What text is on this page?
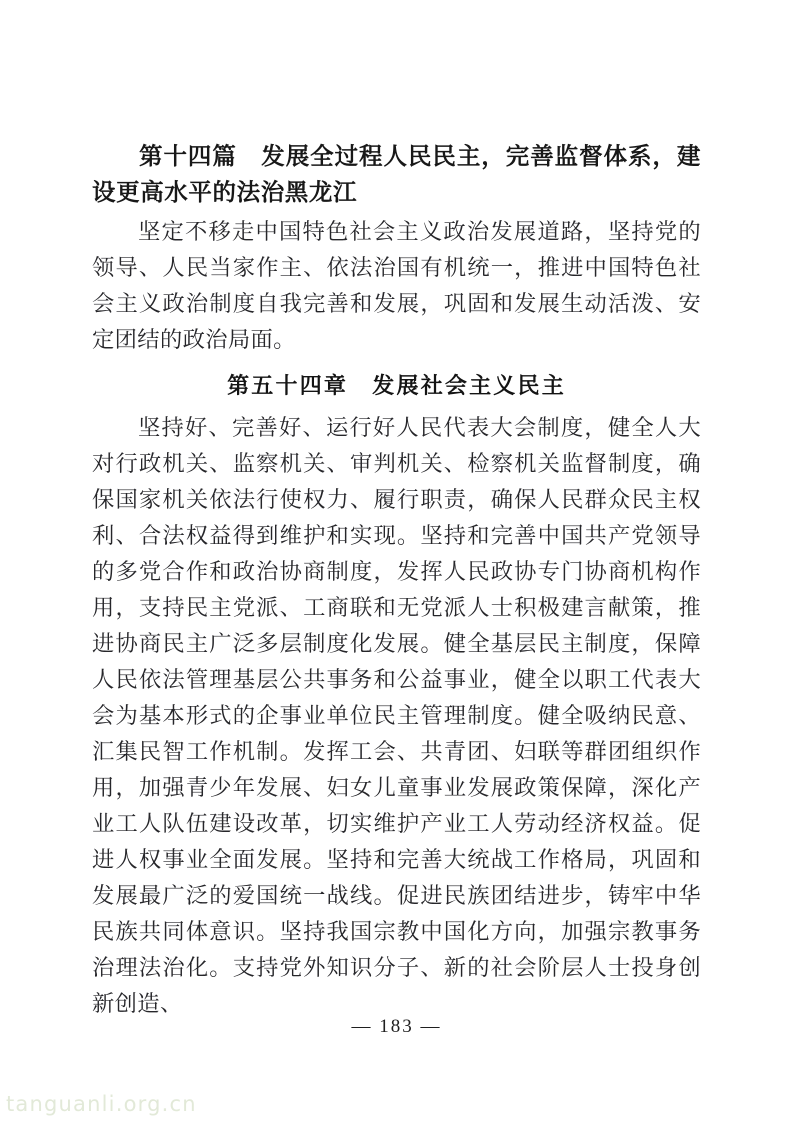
第十四篇　发展全过程人民民主，完善监督体系，建设更高水平的法治黑龙江

坚定不移走中国特色社会主义政治发展道路，坚持党的领导、人民当家作主、依法治国有机统一，推进中国特色社会主义政治制度自我完善和发展，巩固和发展生动活泼、安定团结的政治局面。

第五十四章　发展社会主义民主

坚持好、完善好、运行好人民代表大会制度，健全人大对行政机关、监察机关、审判机关、检察机关监督制度，确保国家机关依法行使权力、履行职责，确保人民群众民主权利、合法权益得到维护和实现。坚持和完善中国共产党领导的多党合作和政治协商制度，发挥人民政协专门协商机构作用，支持民主党派、工商联和无党派人士积极建言献策，推进协商民主广泛多层制度化发展。健全基层民主制度，保障人民依法管理基层公共事务和公益事业，健全以职工代表大会为基本形式的企事业单位民主管理制度。健全吸纳民意、汇集民智工作机制。发挥工会、共青团、妇联等群团组织作用，加强青少年发展、妇女儿童事业发展政策保障，深化产业工人队伍建设改革，切实维护产业工人劳动经济权益。促进人权事业全面发展。坚持和完善大统战工作格局，巩固和发展最广泛的爱国统一战线。促进民族团结进步，铸牢中华民族共同体意识。坚持我国宗教中国化方向，加强宗教事务治理法治化。支持党外知识分子、新的社会阶层人士投身创新创造、

— 183 —
tanguanli.org.cn
